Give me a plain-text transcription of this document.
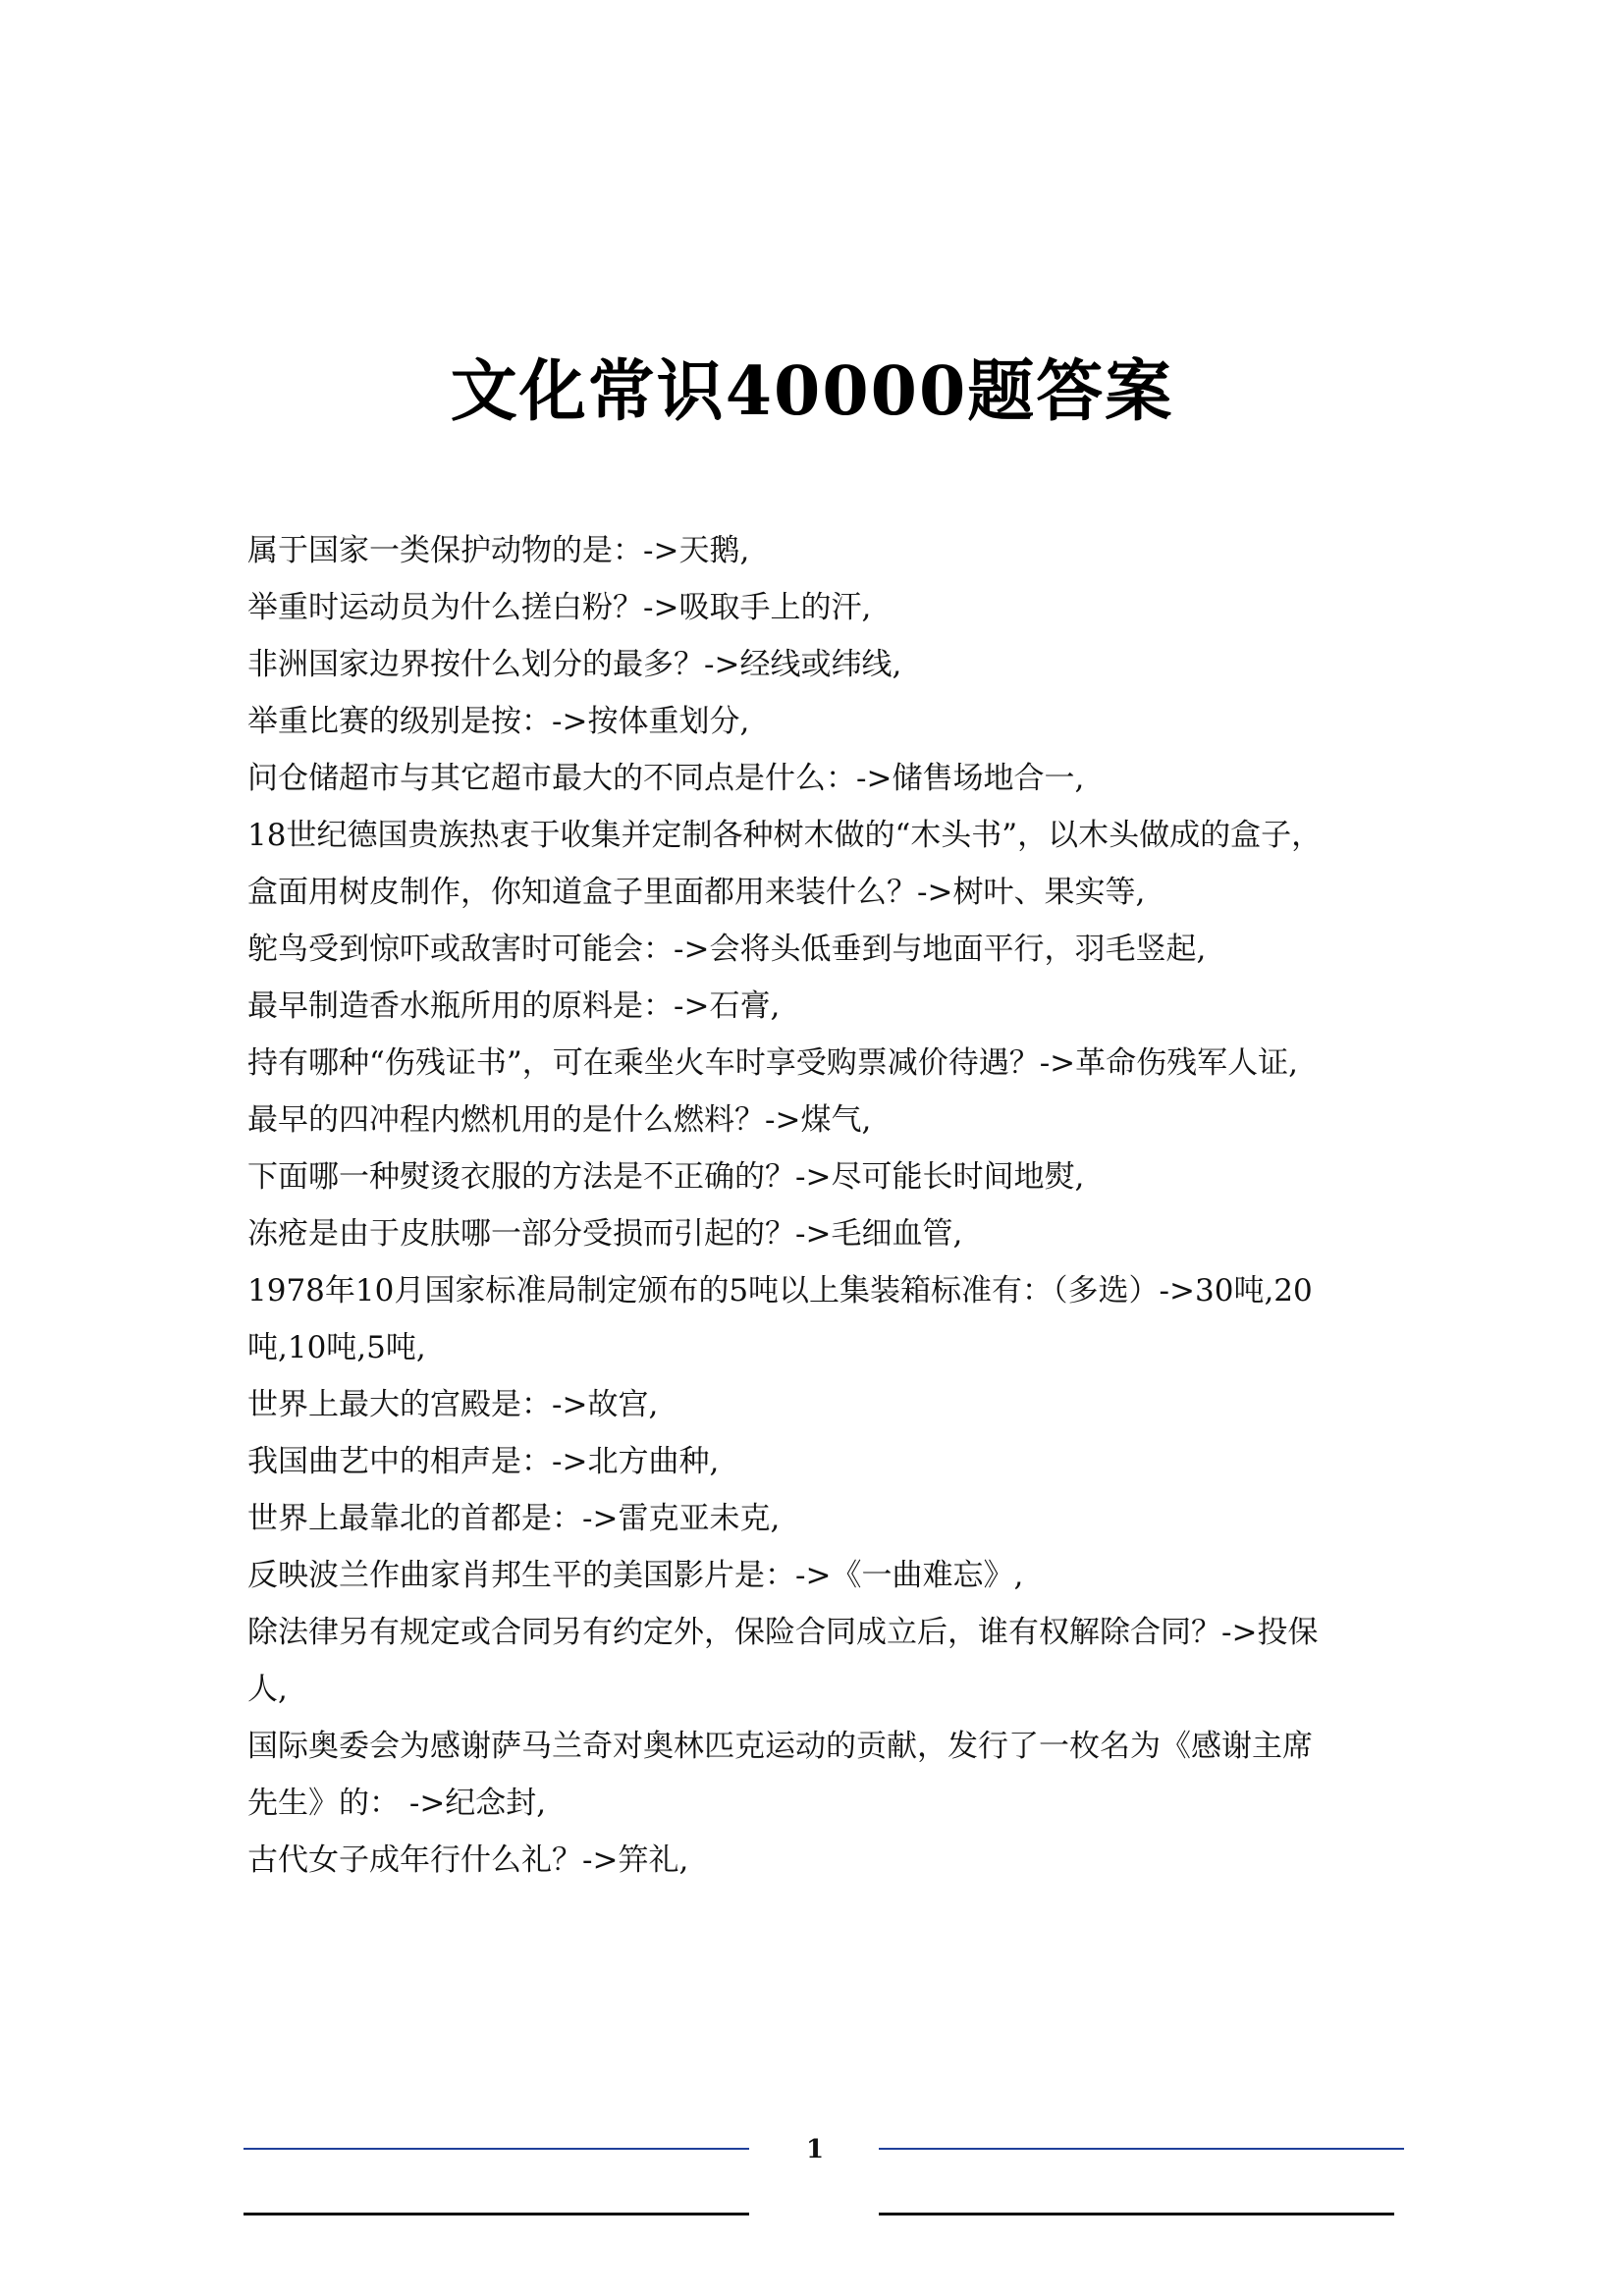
文化常识40000题答案
属于国家一类保护动物的是：->天鹅,
举重时运动员为什么搓白粉？->吸取手上的汗,
非洲国家边界按什么划分的最多？->经线或纬线,
举重比赛的级别是按：->按体重划分,
问仓储超市与其它超市最大的不同点是什么：->储售场地合一,
18世纪德国贵族热衷于收集并定制各种树木做的“木头书”，以木头做成的盒子，
盒面用树皮制作，你知道盒子里面都用来装什么？->树叶、果实等,
鸵鸟受到惊吓或敌害时可能会：->会将头低垂到与地面平行，羽毛竖起,
最早制造香水瓶所用的原料是：->石膏,
持有哪种“伤残证书”，可在乘坐火车时享受购票减价待遇？->革命伤残军人证,
最早的四冲程内燃机用的是什么燃料？->煤气,
下面哪一种熨烫衣服的方法是不正确的？->尽可能长时间地熨,
冻疮是由于皮肤哪一部分受损而引起的？->毛细血管,
1978年10月国家标准局制定颁布的5吨以上集装箱标准有：（多选）->30吨,20
吨,10吨,5吨,
世界上最大的宫殿是：->故宫,
我国曲艺中的相声是：->北方曲种,
世界上最靠北的首都是：->雷克亚未克,
反映波兰作曲家肖邦生平的美国影片是：->《一曲难忘》,
除法律另有规定或合同另有约定外，保险合同成立后，谁有权解除合同？->投保
人,
国际奥委会为感谢萨马兰奇对奥林匹克运动的贡献，发行了一枚名为《感谢主席
先生》的： ->纪念封,
古代女子成年行什么礼？->笄礼,
1
